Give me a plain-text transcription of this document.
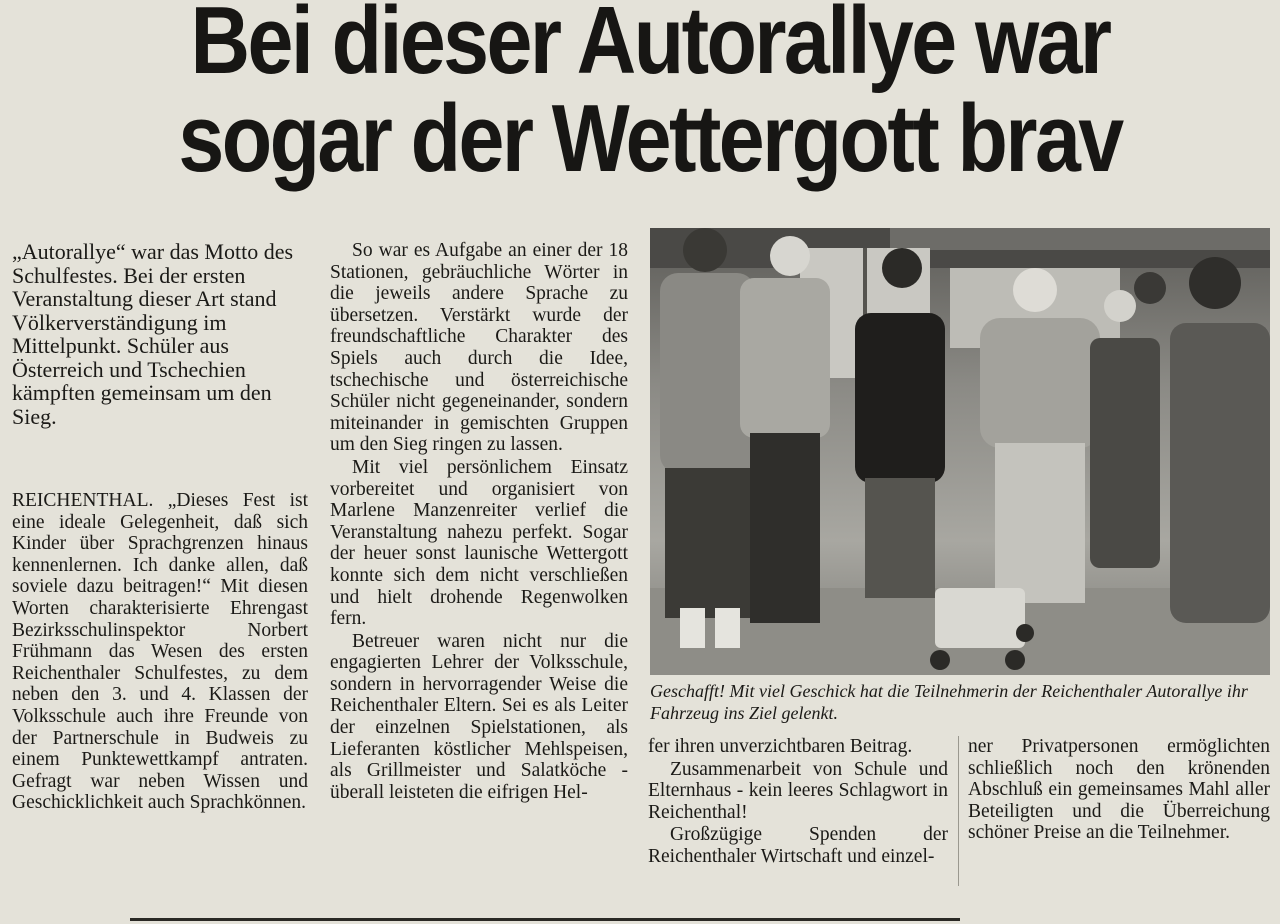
Bei dieser Autorallye war
sogar der Wettergott brav

„Autorallye“ war das Motto des Schulfestes. Bei der ersten Veranstaltung dieser Art stand Völkerverständigung im Mittelpunkt. Schüler aus Österreich und Tschechien kämpften gemeinsam um den Sieg.

REICHENTHAL. „Dieses Fest ist eine ideale Gelegenheit, daß sich Kinder über Sprachgrenzen hinaus kennenlernen. Ich danke allen, daß soviele dazu beitragen!“ Mit diesen Worten charakterisierte Ehrengast Bezirksschulinspektor Norbert Frühmann das Wesen des ersten Reichenthaler Schulfestes, zu dem neben den 3. und 4. Klassen der Volksschule auch ihre Freunde von der Partnerschule in Budweis zu einem Punktewettkampf antraten. Gefragt war neben Wissen und Geschicklichkeit auch Sprachkönnen.

So war es Aufgabe an einer der 18 Stationen, gebräuchliche Wörter in die jeweils andere Sprache zu übersetzen. Verstärkt wurde der freundschaftliche Charakter des Spiels auch durch die Idee, tschechische und österreichische Schüler nicht gegeneinander, sondern miteinander in gemischten Gruppen um den Sieg ringen zu lassen.

Mit viel persönlichem Einsatz vorbereitet und organisiert von Marlene Manzenreiter verlief die Veranstaltung nahezu perfekt. Sogar der heuer sonst launische Wettergott konnte sich dem nicht verschließen und hielt drohende Regenwolken fern.

Betreuer waren nicht nur die engagierten Lehrer der Volksschule, sondern in hervorragender Weise die Reichenthaler Eltern. Sei es als Leiter der einzelnen Spielstationen, als Lieferanten köstlicher Mehlspeisen, als Grillmeister und Salatköche - überall leisteten die eifrigen Hel-

Geschafft! Mit viel Geschick hat die Teilnehmerin der Reichenthaler Autorallye ihr Fahrzeug ins Ziel gelenkt.

fer ihren unverzichtbaren Beitrag.

Zusammenarbeit von Schule und Elternhaus - kein leeres Schlagwort in Reichenthal!

Großzügige Spenden der Reichenthaler Wirtschaft und einzel-

ner Privatpersonen ermöglichten schließlich noch den krönenden Abschluß ein gemeinsames Mahl aller Beteiligten und die Überreichung schöner Preise an die Teilnehmer.
